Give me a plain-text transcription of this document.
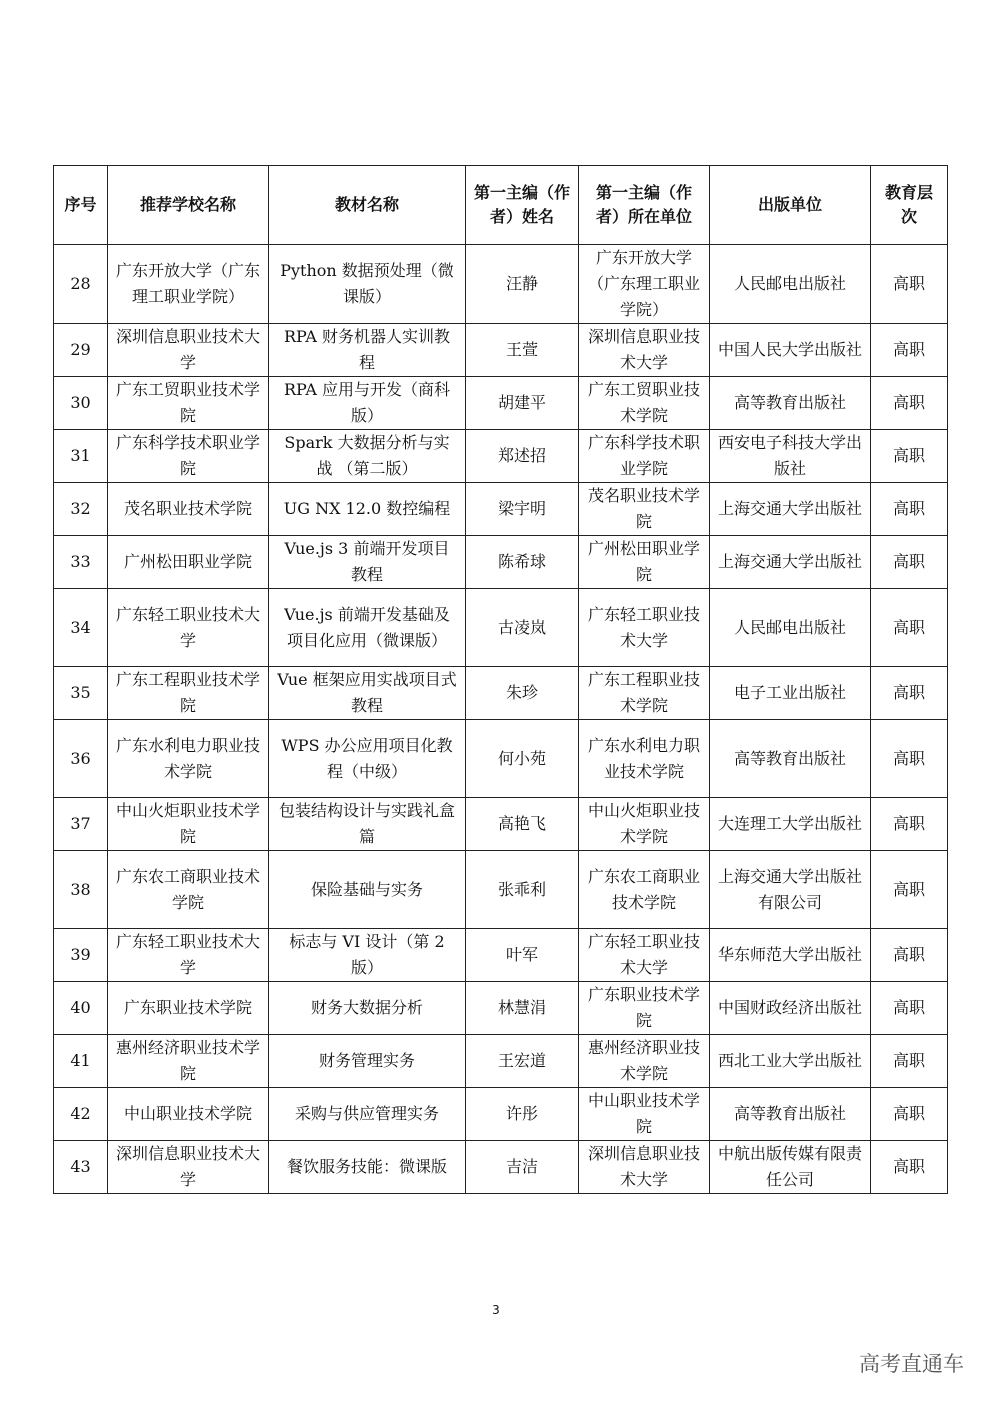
序号	推荐学校名称	教材名称	第一主编（作者）姓名	第一主编（作者）所在单位	出版单位	教育层次
28	广东开放大学（广东理工职业学院）	Python 数据预处理（微课版）	汪静	广东开放大学（广东理工职业学院）	人民邮电出版社	高职
29	深圳信息职业技术大学	RPA 财务机器人实训教程	王萱	深圳信息职业技术大学	中国人民大学出版社	高职
30	广东工贸职业技术学院	RPA 应用与开发（商科版）	胡建平	广东工贸职业技术学院	高等教育出版社	高职
31	广东科学技术职业学院	Spark 大数据分析与实战 （第二版）	郑述招	广东科学技术职业学院	西安电子科技大学出版社	高职
32	茂名职业技术学院	UG NX 12.0 数控编程	梁宇明	茂名职业技术学院	上海交通大学出版社	高职
33	广州松田职业学院	Vue.js 3 前端开发项目教程	陈希球	广州松田职业学院	上海交通大学出版社	高职
34	广东轻工职业技术大学	Vue.js 前端开发基础及项目化应用（微课版）	古凌岚	广东轻工职业技术大学	人民邮电出版社	高职
35	广东工程职业技术学院	Vue 框架应用实战项目式教程	朱珍	广东工程职业技术学院	电子工业出版社	高职
36	广东水利电力职业技术学院	WPS 办公应用项目化教程（中级）	何小苑	广东水利电力职业技术学院	高等教育出版社	高职
37	中山火炬职业技术学院	包装结构设计与实践礼盒篇	高艳飞	中山火炬职业技术学院	大连理工大学出版社	高职
38	广东农工商职业技术学院	保险基础与实务	张乖利	广东农工商职业技术学院	上海交通大学出版社有限公司	高职
39	广东轻工职业技术大学	标志与 VI 设计（第 2 版）	叶军	广东轻工职业技术大学	华东师范大学出版社	高职
40	广东职业技术学院	财务大数据分析	林慧涓	广东职业技术学院	中国财政经济出版社	高职
41	惠州经济职业技术学院	财务管理实务	王宏道	惠州经济职业技术学院	西北工业大学出版社	高职
42	中山职业技术学院	采购与供应管理实务	许彤	中山职业技术学院	高等教育出版社	高职
43	深圳信息职业技术大学	餐饮服务技能：微课版	吉洁	深圳信息职业技术大学	中航出版传媒有限责任公司	高职
3
高考直通车
